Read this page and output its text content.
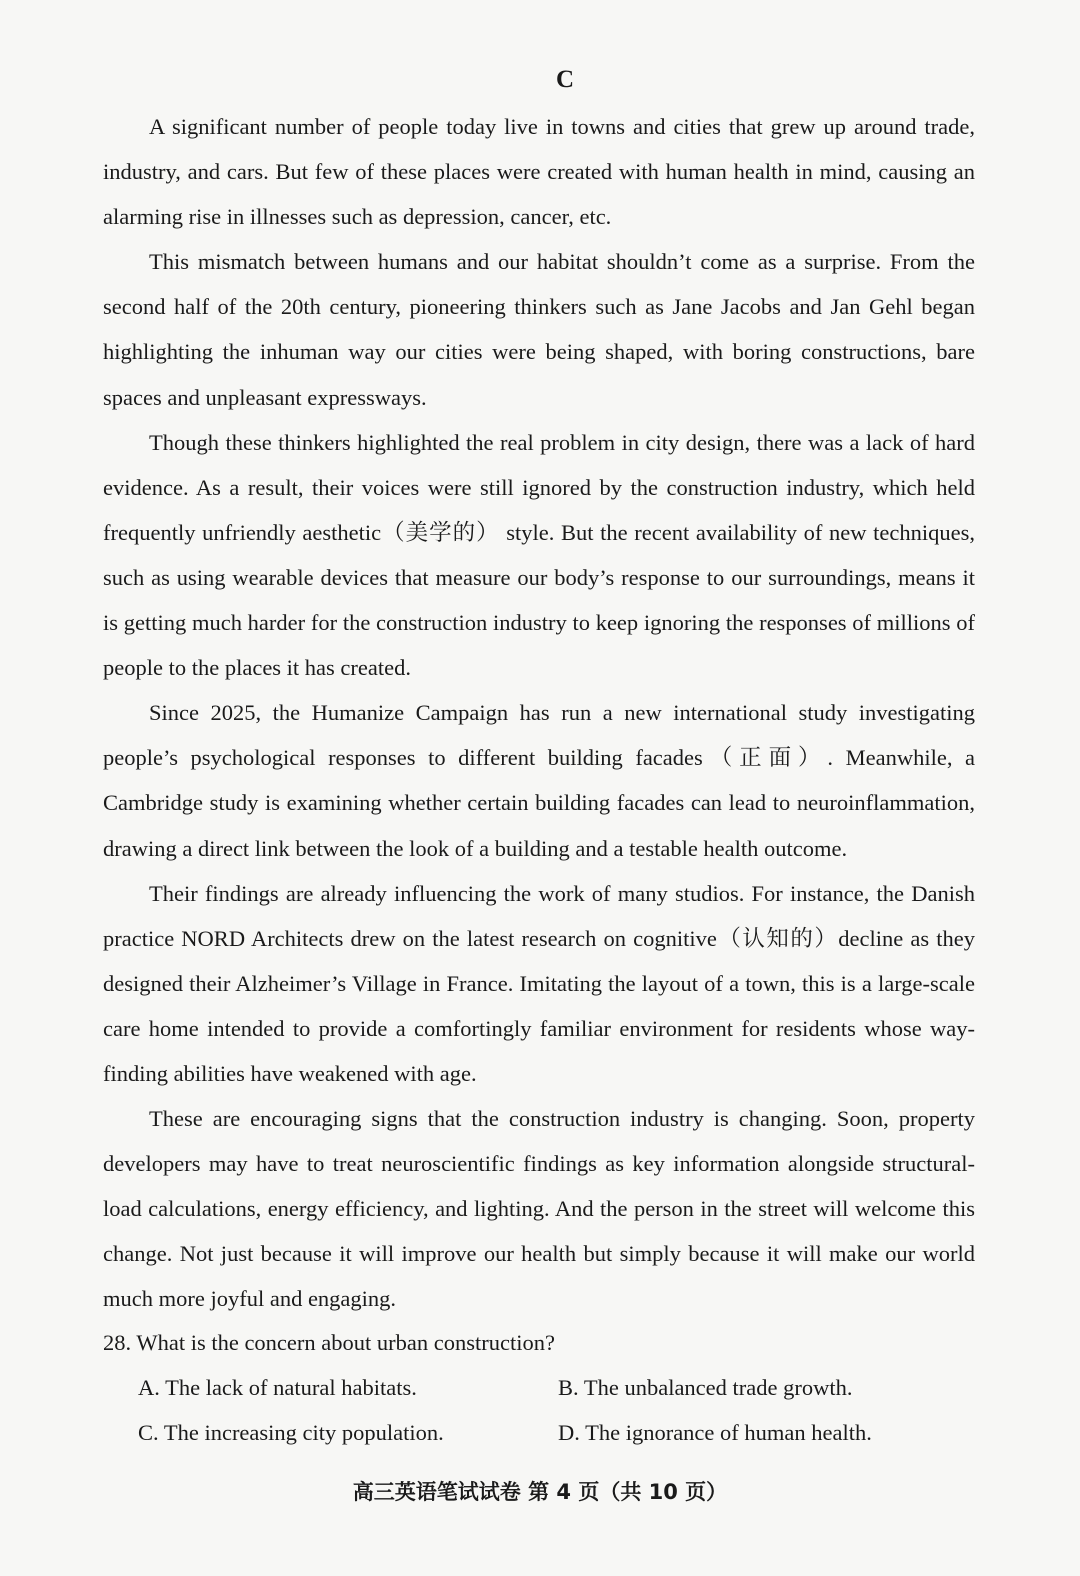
C

A significant number of people today live in towns and cities that grew up around trade, industry, and cars. But few of these places were created with human health in mind, causing an alarming rise in illnesses such as depression, cancer, etc.

This mismatch between humans and our habitat shouldn’t come as a surprise. From the second half of the 20th century, pioneering thinkers such as Jane Jacobs and Jan Gehl began highlighting the inhuman way our cities were being shaped, with boring constructions, bare spaces and unpleasant expressways.

Though these thinkers highlighted the real problem in city design, there was a lack of hard evidence. As a result, their voices were still ignored by the construction industry, which held frequently unfriendly aesthetic（美学的） style. But the recent availability of new techniques, such as using wearable devices that measure our body’s response to our surroundings, means it is getting much harder for the construction industry to keep ignoring the responses of millions of people to the places it has created.

Since 2025, the Humanize Campaign has run a new international study investigating people’s psychological responses to different building facades（正面）. Meanwhile, a Cambridge study is examining whether certain building facades can lead to neuroinflammation, drawing a direct link between the look of a building and a testable health outcome.

Their findings are already influencing the work of many studios. For instance, the Danish practice NORD Architects drew on the latest research on cognitive（认知的）decline as they designed their Alzheimer’s Village in France. Imitating the layout of a town, this is a large-scale care home intended to provide a comfortingly familiar environment for residents whose way-finding abilities have weakened with age.

These are encouraging signs that the construction industry is changing. Soon, property developers may have to treat neuroscientific findings as key information alongside structural-load calculations, energy efficiency, and lighting. And the person in the street will welcome this change. Not just because it will improve our health but simply because it will make our world much more joyful and engaging.

28. What is the concern about urban construction?

A. The lack of natural habitats.	B. The unbalanced trade growth.
C. The increasing city population.	D. The ignorance of human health.
高三英语笔试试卷 第 4 页（共 10 页）
